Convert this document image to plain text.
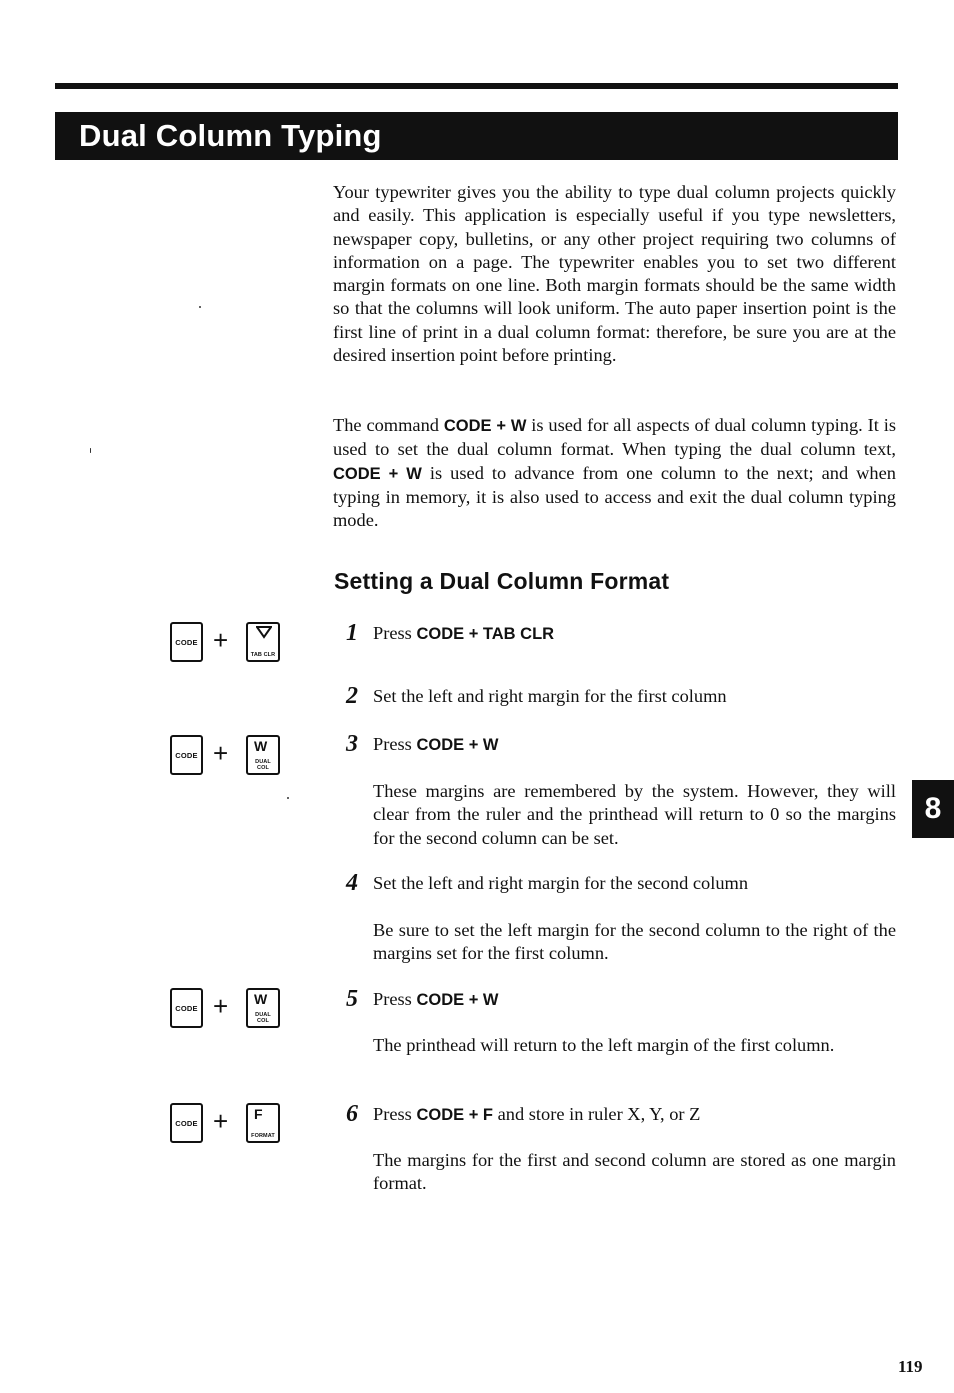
Dual Column Typing

Your typewriter gives you the ability to type dual column projects quickly and easily. This application is especially useful if you type newsletters, newspaper copy, bulletins, or any other project requiring two columns of information on a page. The typewriter enables you to set two different margin formats on one line. Both margin formats should be the same width so that the columns will look uniform. The auto paper insertion point is the first line of print in a dual column format: therefore, be sure you are at the desired insertion point before printing.

The command CODE + W is used for all aspects of dual column typing. It is used to set the dual column format. When typing the dual column text, CODE + W is used to advance from one column to the next; and when typing in memory, it is also used to access and exit the dual column typing mode.

Setting a Dual Column Format
1 Press CODE + TAB CLR
2 Set the left and right margin for the first column
3 Press CODE + W

These margins are remembered by the system. However, they will clear from the ruler and the printhead will return to 0 so the margins for the second column can be set.

4 Set the left and right margin for the second column

Be sure to set the left margin for the second column to the right of the margins set for the first column.

5 Press CODE + W

The printhead will return to the left margin of the first column.

6 Press CODE + F and store in ruler X, Y, or Z

The margins for the first and second column are stored as one margin format.

CODE +	TAB CLR
CODE + W
DUAL COL
CODE + W
DUAL COL
CODE + F
FORMAT
8
119
